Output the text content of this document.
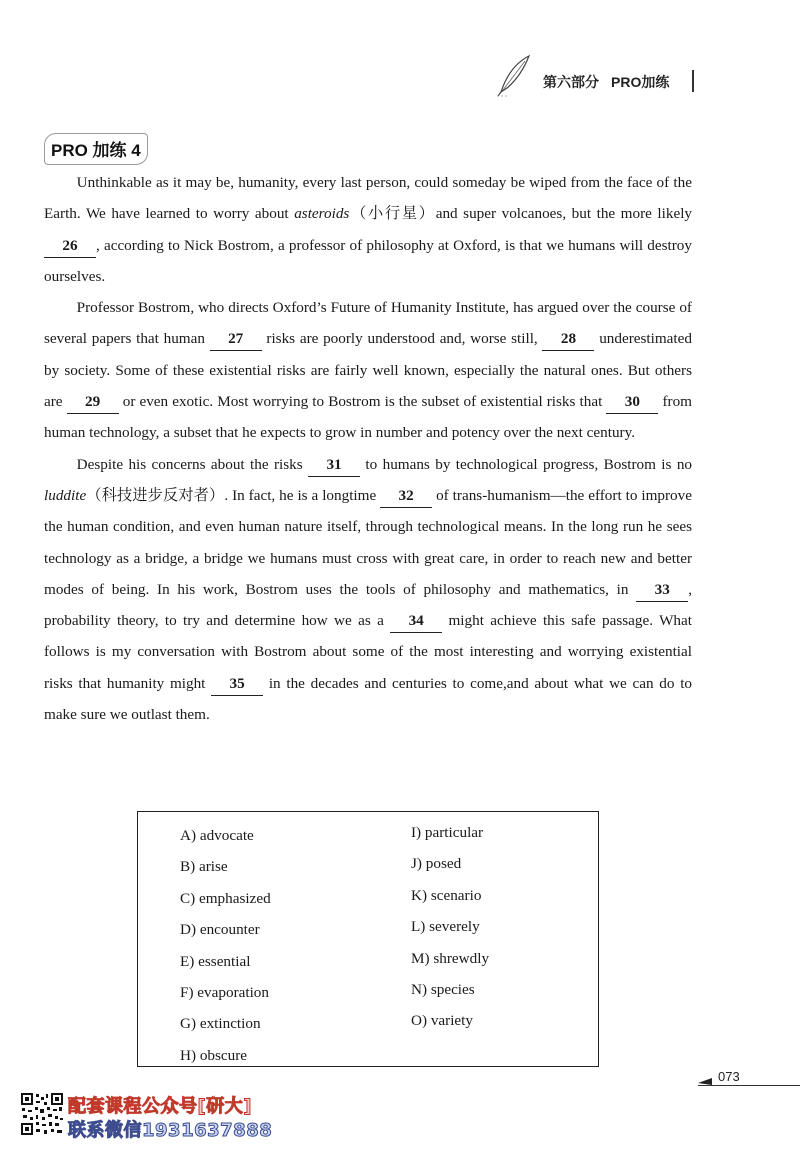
第六部分 PRO加练
PRO 加练 4

Unthinkable as it may be, humanity, every last person, could someday be wiped from the face of the Earth. We have learned to worry about asteroids（小行星）and super volcanoes, but the more likely 26 , according to Nick Bostrom, a professor of philosophy at Oxford, is that we humans will destroy ourselves.

Professor Bostrom, who directs Oxford’s Future of Humanity Institute, has argued over the course of several papers that human 27 risks are poorly understood and, worse still, 28 underestimated by society. Some of these existential risks are fairly well known, especially the natural ones. But others are 29 or even exotic. Most worrying to Bostrom is the subset of existential risks that 30 from human technology, a subset that he expects to grow in number and potency over the next century.

Despite his concerns about the risks 31 to humans by technological progress, Bostrom is no luddite（科技进步反对者）. In fact, he is a longtime 32 of trans-humanism—the effort to improve the human condition, and even human nature itself, through technological means. In the long run he sees technology as a bridge, a bridge we humans must cross with great care, in order to reach new and better modes of being. In his work, Bostrom uses the tools of philosophy and mathematics, in 33 , probability theory, to try and determine how we as a 34 might achieve this safe passage. What follows is my conversation with Bostrom about some of the most interesting and worrying existential risks that humanity might 35 in the decades and centuries to come,and about what we can do to make sure we outlast them.

A) advocate
B) arise
C) emphasized
D) encounter
E) essential
F) evaporation
G) extinction
H) obscure
I) particular
J) posed
K) scenario
L) severely
M) shrewdly
N) species
O) variety
073
配套课程公众号[研大]
联系微信1931637888
